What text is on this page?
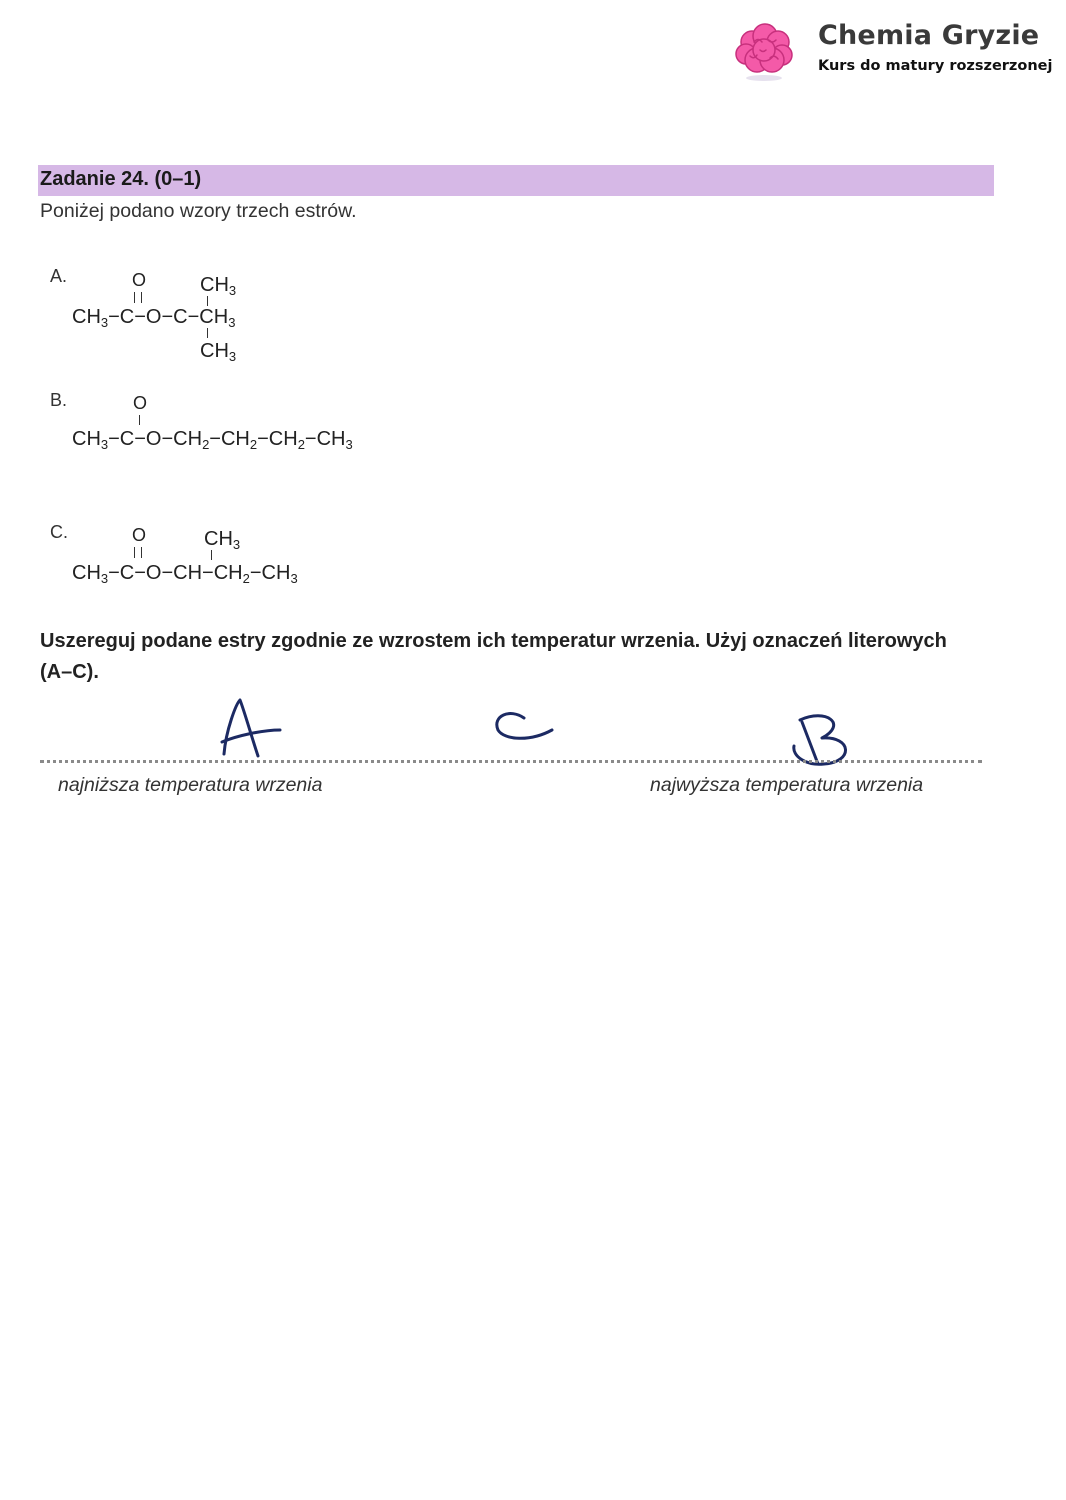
Chemia Gryzie
Kurs do matury rozszerzonej
Zadanie 24. (0–1)
Poniżej podano wzory trzech estrów.
A.	O	$CH_3$
$CH_3-C-O-C-CH_3$
$CH_3$
B.	O
$CH_3-C-O-CH_2-CH_2-CH_2-CH_3$
C.	O	$CH_3$
$CH_3-C-O-CH-CH_2-CH_3$
Uszereguj podane estry zgodnie ze wzrostem ich temperatur wrzenia. Użyj oznaczeń literowych (A–C).
najniższa temperatura wrzenia	najwyższa temperatura wrzenia
